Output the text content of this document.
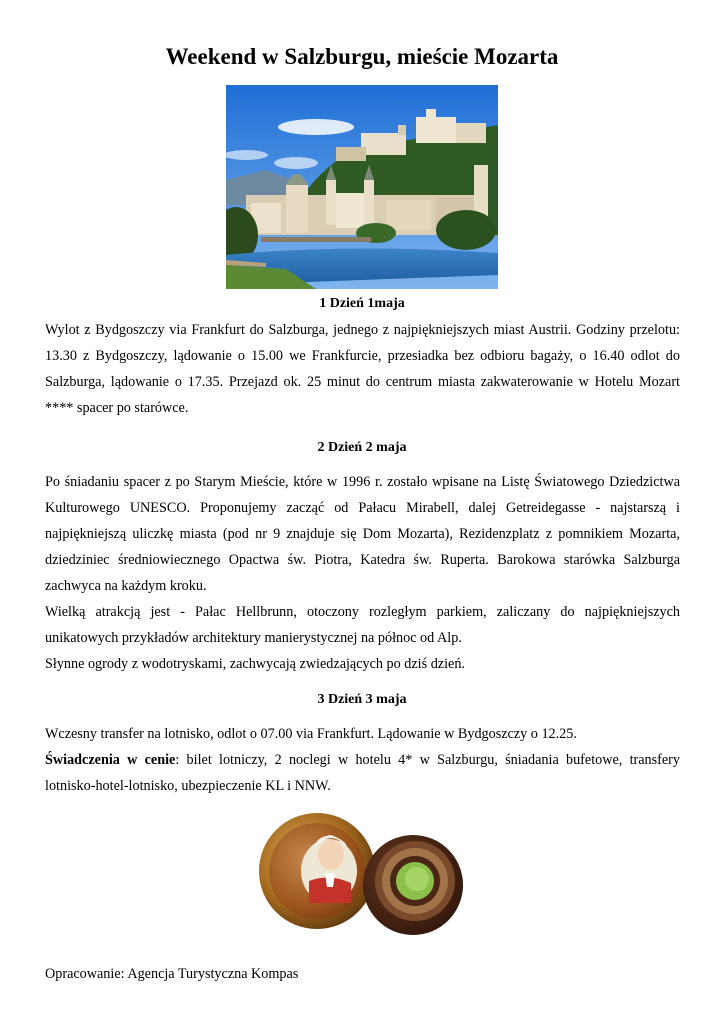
Weekend w Salzburgu, mieście Mozarta
1 Dzień 1maja

Wylot z Bydgoszczy via Frankfurt do Salzburga, jednego z najpiękniejszych miast Austrii. Godziny przelotu: 13.30 z Bydgoszczy, lądowanie o 15.00 we Frankfurcie, przesiadka bez odbioru bagaży, o 16.40 odlot do Salzburga, lądowanie o 17.35. Przejazd ok. 25 minut do centrum miasta zakwaterowanie w Hotelu Mozart **** spacer po starówce.

2 Dzień 2 maja

Po śniadaniu spacer z po Starym Mieście, które w 1996 r. zostało wpisane na Listę Światowego Dziedzictwa Kulturowego UNESCO. Proponujemy zacząć od Pałacu Mirabell, dalej Getreidegasse - najstarszą i najpiękniejszą uliczkę miasta (pod nr 9 znajduje się Dom Mozarta), Rezidenzplatz z pomnikiem Mozarta, dziedziniec średniowiecznego Opactwa św. Piotra, Katedra św. Ruperta. Barokowa starówka Salzburga zachwyca na każdym kroku.

Wielką atrakcją jest - Pałac Hellbrunn, otoczony rozległym parkiem, zaliczany do najpiękniejszych unikatowych przykładów architektury manierystycznej na północ od Alp.

Słynne ogrody z wodotryskami, zachwycają zwiedzających po dziś dzień.

3 Dzień 3 maja

Wczesny transfer na lotnisko, odlot o 07.00 via Frankfurt. Lądowanie w Bydgoszczy o 12.25.

Świadczenia w cenie: bilet lotniczy, 2 noclegi w hotelu 4* w Salzburgu, śniadania bufetowe, transfery lotnisko-hotel-lotnisko, ubezpieczenie KL i NNW.

Opracowanie: Agencja Turystyczna Kompas
